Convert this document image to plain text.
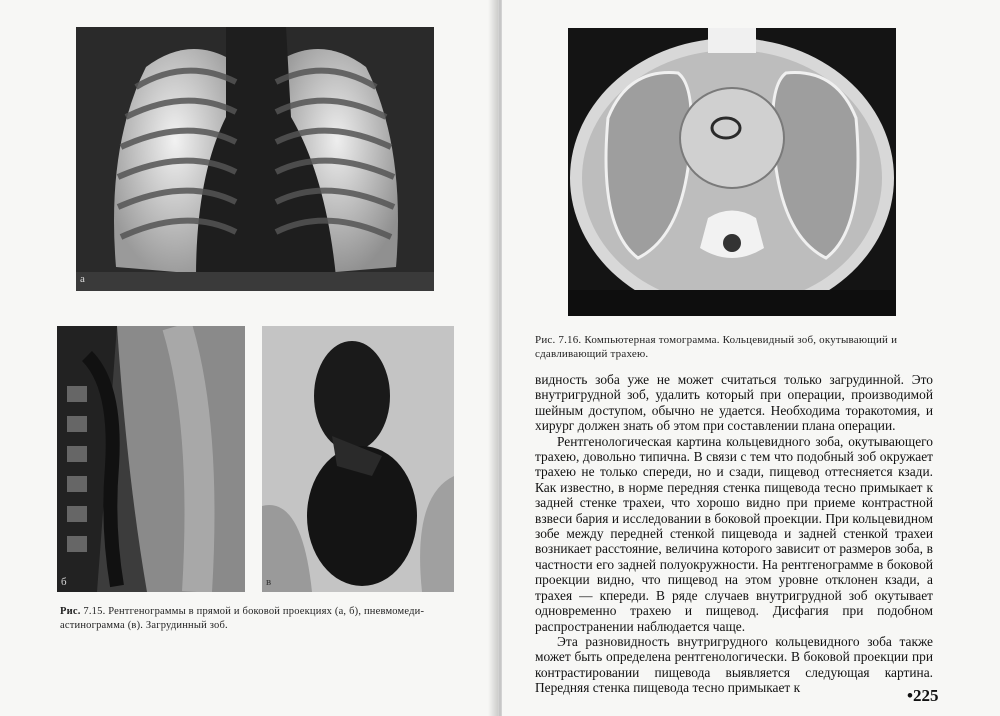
а
б	в
Рис. 7.15. Рентгенограммы в прямой и боковой проекциях (а, б), пневмомеди-
астинограмма (в). Загрудинный зоб.
Рис. 7.16. Компьютерная томограмма. Кольцевидный зоб, окутывающий и
сдавливающий трахею.

видность зоба уже не может считаться только загрудинной. Это внутригрудной зоб, удалить который при операции, производимой шейным доступом, обычно не удается. Необходима торакотомия, и хирург должен знать об этом при составлении плана операции.

Рентгенологическая картина кольцевидного зоба, окутывающего трахею, довольно типична. В связи с тем что подобный зоб окружает трахею не только спереди, но и сзади, пищевод оттесняется кзади. Как известно, в норме передняя стенка пищевода тесно примыкает к задней стенке трахеи, что хорошо видно при приеме контрастной взвеси бария и исследовании в боковой проекции. При кольцевидном зобе между передней стенкой пищевода и задней стенкой трахеи возникает расстояние, величина которого зависит от размеров зоба, в частности его задней полуокружности. На рентгенограмме в боковой проекции видно, что пищевод на этом уровне отклонен кзади, а трахея — кпереди. В ряде случаев внутригрудной зоб окутывает одновременно трахею и пищевод. Дисфагия при подобном распространении наблюдается чаще.

Эта разновидность внутригрудного кольцевидного зоба также может быть определена рентгенологически. В боковой проекции при контрастировании пищевода выявляется следующая картина. Передняя стенка пищевода тесно примыкает к	•225
